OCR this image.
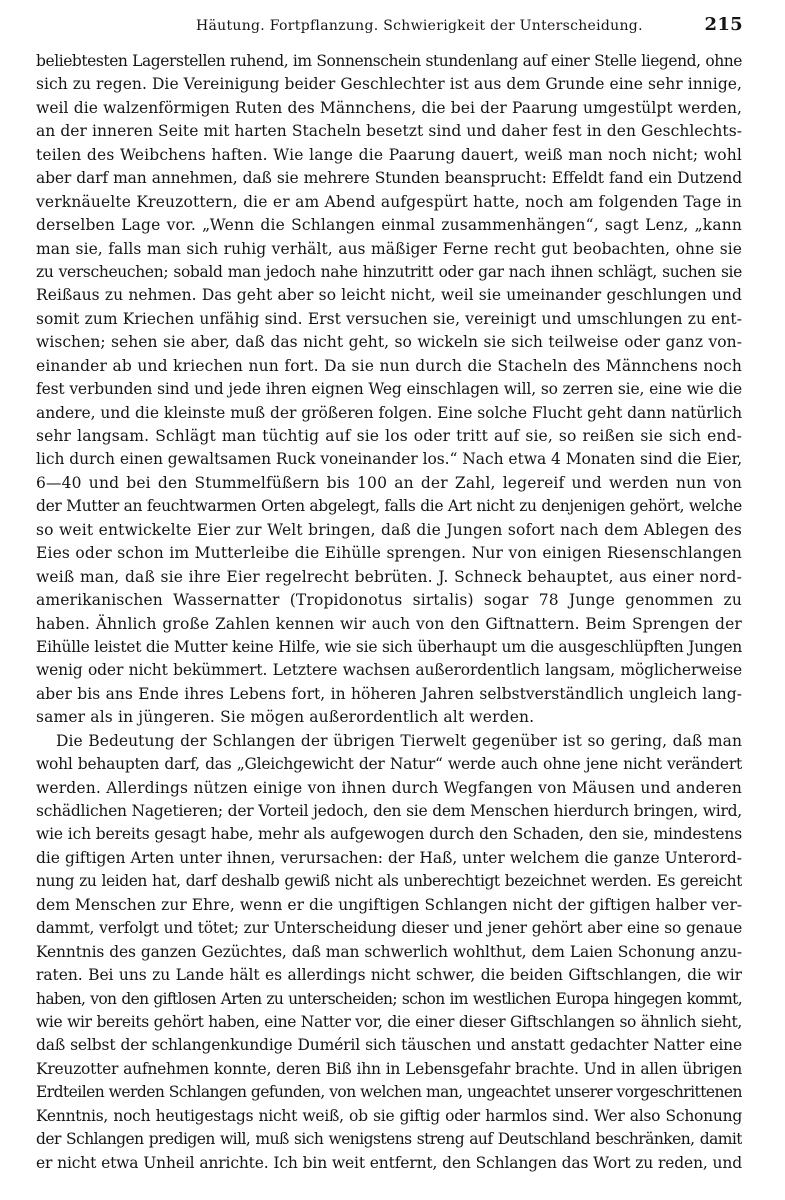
Häutung. Fortpflanzung. Schwierigkeit der Unterscheidung.	215
beliebtesten Lagerstellen ruhend, im Sonnenschein stundenlang auf einer Stelle liegend, ohne
sich zu regen. Die Vereinigung beider Geschlechter ist aus dem Grunde eine sehr innige,
weil die walzenförmigen Ruten des Männchens, die bei der Paarung umgestülpt werden,
an der inneren Seite mit harten Stacheln besetzt sind und daher fest in den Geschlechts-
teilen des Weibchens haften. Wie lange die Paarung dauert, weiß man noch nicht; wohl
aber darf man annehmen, daß sie mehrere Stunden beansprucht: Effeldt fand ein Dutzend
verknäuelte Kreuzottern, die er am Abend aufgespürt hatte, noch am folgenden Tage in
derselben Lage vor. „Wenn die Schlangen einmal zusammenhängen“, sagt Lenz, „kann
man sie, falls man sich ruhig verhält, aus mäßiger Ferne recht gut beobachten, ohne sie
zu verscheuchen; sobald man jedoch nahe hinzutritt oder gar nach ihnen schlägt, suchen sie
Reißaus zu nehmen. Das geht aber so leicht nicht, weil sie umeinander geschlungen und
somit zum Kriechen unfähig sind. Erst versuchen sie, vereinigt und umschlungen zu ent-
wischen; sehen sie aber, daß das nicht geht, so wickeln sie sich teilweise oder ganz von-
einander ab und kriechen nun fort. Da sie nun durch die Stacheln des Männchens noch
fest verbunden sind und jede ihren eignen Weg einschlagen will, so zerren sie, eine wie die
andere, und die kleinste muß der größeren folgen. Eine solche Flucht geht dann natürlich
sehr langsam. Schlägt man tüchtig auf sie los oder tritt auf sie, so reißen sie sich end-
lich durch einen gewaltsamen Ruck voneinander los.“ Nach etwa 4 Monaten sind die Eier,
6—40 und bei den Stummelfüßern bis 100 an der Zahl, legereif und werden nun von
der Mutter an feuchtwarmen Orten abgelegt, falls die Art nicht zu denjenigen gehört, welche
so weit entwickelte Eier zur Welt bringen, daß die Jungen sofort nach dem Ablegen des
Eies oder schon im Mutterleibe die Eihülle sprengen. Nur von einigen Riesenschlangen
weiß man, daß sie ihre Eier regelrecht bebrüten. J. Schneck behauptet, aus einer nord-
amerikanischen Wassernatter (Tropidonotus sirtalis) sogar 78 Junge genommen zu
haben. Ähnlich große Zahlen kennen wir auch von den Giftnattern. Beim Sprengen der
Eihülle leistet die Mutter keine Hilfe, wie sie sich überhaupt um die ausgeschlüpften Jungen
wenig oder nicht bekümmert. Letztere wachsen außerordentlich langsam, möglicherweise
aber bis ans Ende ihres Lebens fort, in höheren Jahren selbstverständlich ungleich lang-
samer als in jüngeren. Sie mögen außerordentlich alt werden.
Die Bedeutung der Schlangen der übrigen Tierwelt gegenüber ist so gering, daß man
wohl behaupten darf, das „Gleichgewicht der Natur“ werde auch ohne jene nicht verändert
werden. Allerdings nützen einige von ihnen durch Wegfangen von Mäusen und anderen
schädlichen Nagetieren; der Vorteil jedoch, den sie dem Menschen hierdurch bringen, wird,
wie ich bereits gesagt habe, mehr als aufgewogen durch den Schaden, den sie, mindestens
die giftigen Arten unter ihnen, verursachen: der Haß, unter welchem die ganze Unterord-
nung zu leiden hat, darf deshalb gewiß nicht als unberechtigt bezeichnet werden. Es gereicht
dem Menschen zur Ehre, wenn er die ungiftigen Schlangen nicht der giftigen halber ver-
dammt, verfolgt und tötet; zur Unterscheidung dieser und jener gehört aber eine so genaue
Kenntnis des ganzen Gezüchtes, daß man schwerlich wohlthut, dem Laien Schonung anzu-
raten. Bei uns zu Lande hält es allerdings nicht schwer, die beiden Giftschlangen, die wir
haben, von den giftlosen Arten zu unterscheiden; schon im westlichen Europa hingegen kommt,
wie wir bereits gehört haben, eine Natter vor, die einer dieser Giftschlangen so ähnlich sieht,
daß selbst der schlangenkundige Duméril sich täuschen und anstatt gedachter Natter eine
Kreuzotter aufnehmen konnte, deren Biß ihn in Lebensgefahr brachte. Und in allen übrigen
Erdteilen werden Schlangen gefunden, von welchen man, ungeachtet unserer vorgeschrittenen
Kenntnis, noch heutigestags nicht weiß, ob sie giftig oder harmlos sind. Wer also Schonung
der Schlangen predigen will, muß sich wenigstens streng auf Deutschland beschränken, damit
er nicht etwa Unheil anrichte. Ich bin weit entfernt, den Schlangen das Wort zu reden, und
